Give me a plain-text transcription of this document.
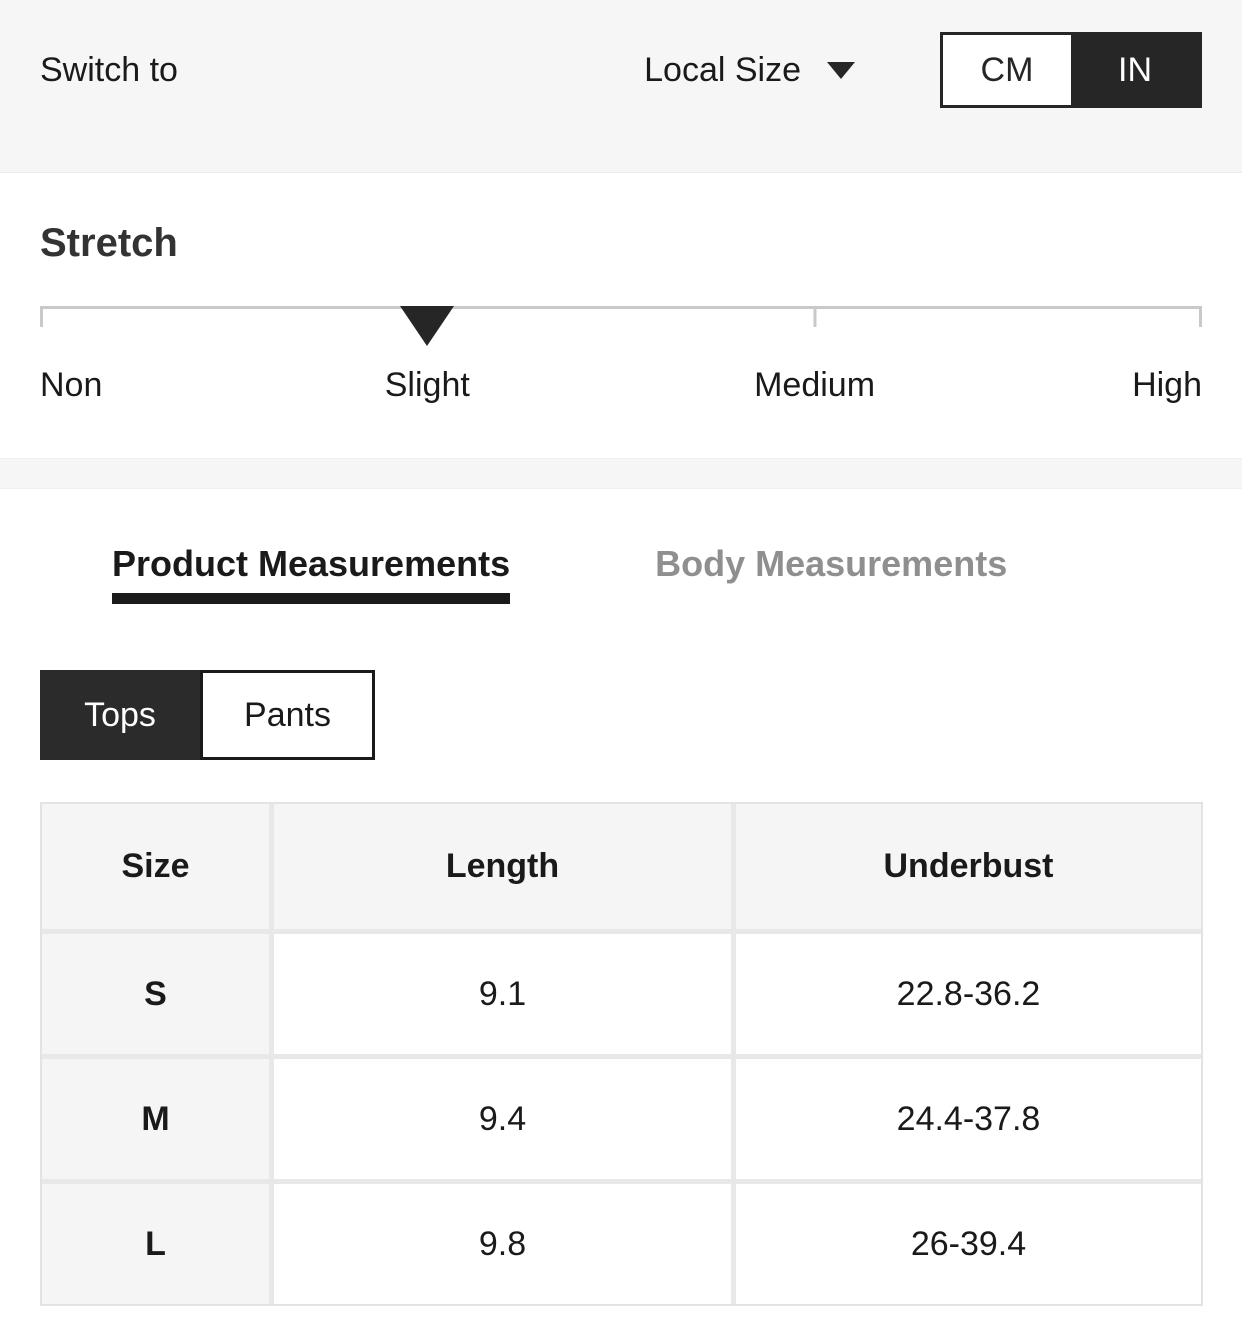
Switch to	Local Size	CM	IN
Stretch
Non	Slight	Medium	High
Product Measurements	Body Measurements
Tops	Pants
Size	Length	Underbust
S	9.1	22.8-36.2
M	9.4	24.4-37.8
L	9.8	26-39.4
